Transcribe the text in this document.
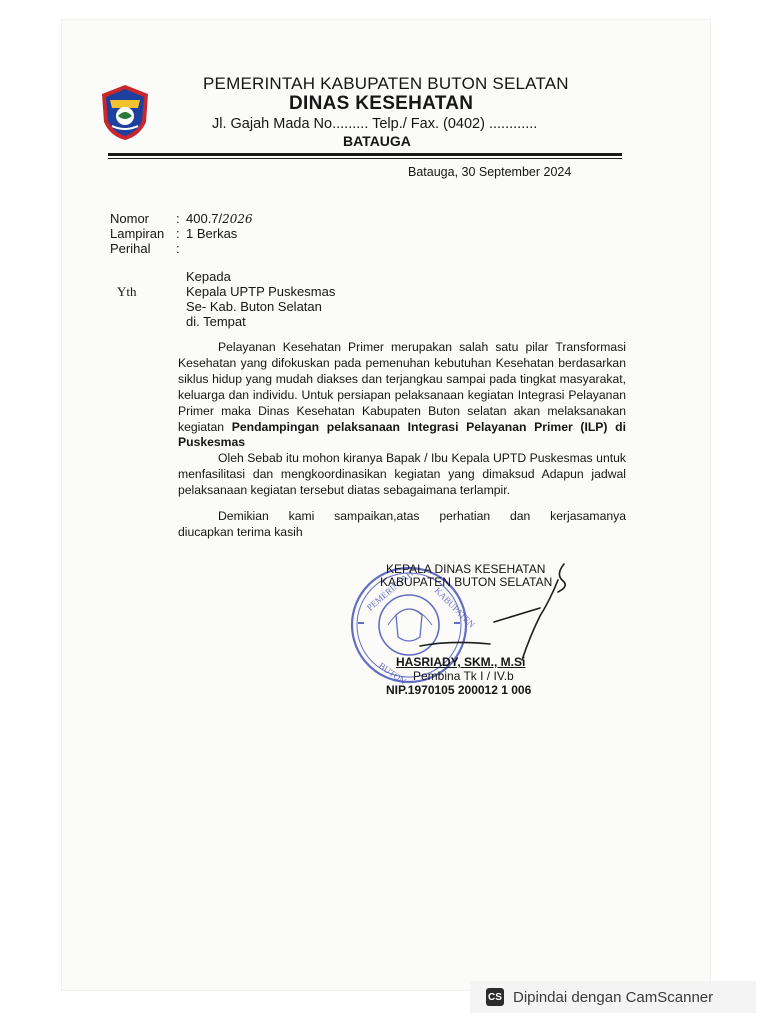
PEMERINTAH KABUPATEN BUTON SELATAN
DINAS KESEHATAN
Jl. Gajah Mada No......... Telp./ Fax. (0402) ............
BATAUGA
Batauga, 30 September 2024
Nomor : 400.7/2026
Lampiran : 1 Berkas
Perihal :
Yth
Kepada
Kepala UPTP Puskesmas
Se- Kab. Buton Selatan
di. Tempat

Pelayanan Kesehatan Primer merupakan salah satu pilar Transformasi Kesehatan yang difokuskan pada pemenuhan kebutuhan Kesehatan berdasarkan siklus hidup yang mudah diakses dan terjangkau sampai pada tingkat masyarakat, keluarga dan individu. Untuk persiapan pelaksanaan kegiatan Integrasi Pelayanan Primer maka Dinas Kesehatan Kabupaten Buton selatan akan melaksanakan kegiatan Pendampingan pelaksanaan Integrasi Pelayanan Primer (ILP) di Puskesmas

Oleh Sebab itu mohon kiranya Bapak / Ibu Kepala UPTD Puskesmas untuk menfasilitasi dan mengkoordinasikan kegiatan yang dimaksud Adapun jadwal pelaksanaan kegiatan tersebut diatas sebagaimana terlampir.

Demikian kami sampaikan,atas perhatian dan kerjasamanya
diucapkan terima kasih
PEMERINTAH KABUPATEN
BUTON
KEPALA DINAS KESEHATAN
KABUPATEN BUTON SELATAN
HASRIADY, SKM., M.Si
Pembina Tk I / IV.b
NIP.1970105 200012 1 006
CS Dipindai dengan CamScanner
